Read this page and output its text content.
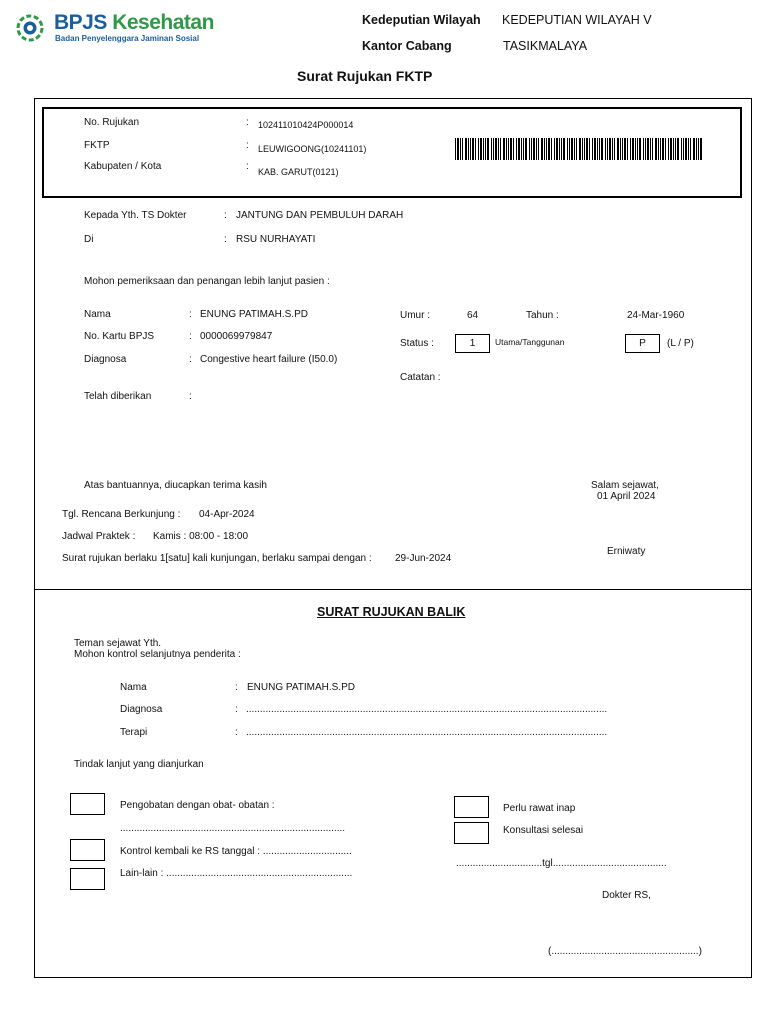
BPJS Kesehatan
Badan Penyelenggara Jaminan Sosial
Kedeputian Wilayah KEDEPUTIAN WILAYAH V
Kantor Cabang	TASIKMALAYA
Surat Rujukan FKTP
No. Rujukan	: 102411010424P000014
FKTP	: LEUWIGOONG(10241101)
Kabupaten / Kota	: KAB. GARUT(0121)
Kepada Yth. TS Dokter	: JANTUNG DAN PEMBULUH DARAH
Di	: RSU NURHAYATI
Mohon pemeriksaan dan penangan lebih lanjut pasien :
Nama	: ENUNG PATIMAH.S.PD
No. Kartu BPJS	: 0000069979847
Diagnosa	: Congestive heart failure (I50.0)
Telah diberikan	:
Umur :	64	Tahun :	24-Mar-1960
Status :	1	Utama/Tanggunan	P	(L / P)
Catatan :
Atas bantuannya, diucapkan terima kasih	Salam sejawat,
01 April 2024
Tgl. Rencana Berkunjung : 04-Apr-2024
Jadwal Praktek : Kamis : 08:00 - 18:00
Surat rujukan berlaku 1[satu] kali kunjungan, berlaku sampai dengan : 29-Jun-2024
Erniwaty
SURAT RUJUKAN BALIK
Teman sejawat Yth.
Mohon kontrol selanjutnya penderita :
Nama	: ENUNG PATIMAH.S.PD
Diagnosa	: ..................................................................................................................................
Terapi	: ..................................................................................................................................
Tindak lanjut yang dianjurkan
Pengobatan dengan obat- obatan :
.................................................................................
Kontrol kembali ke RS tanggal : ................................
Lain-lain : ...................................................................
Perlu rawat inap
Konsultasi selesai
...............................tgl.........................................
Dokter RS,
(.....................................................)
